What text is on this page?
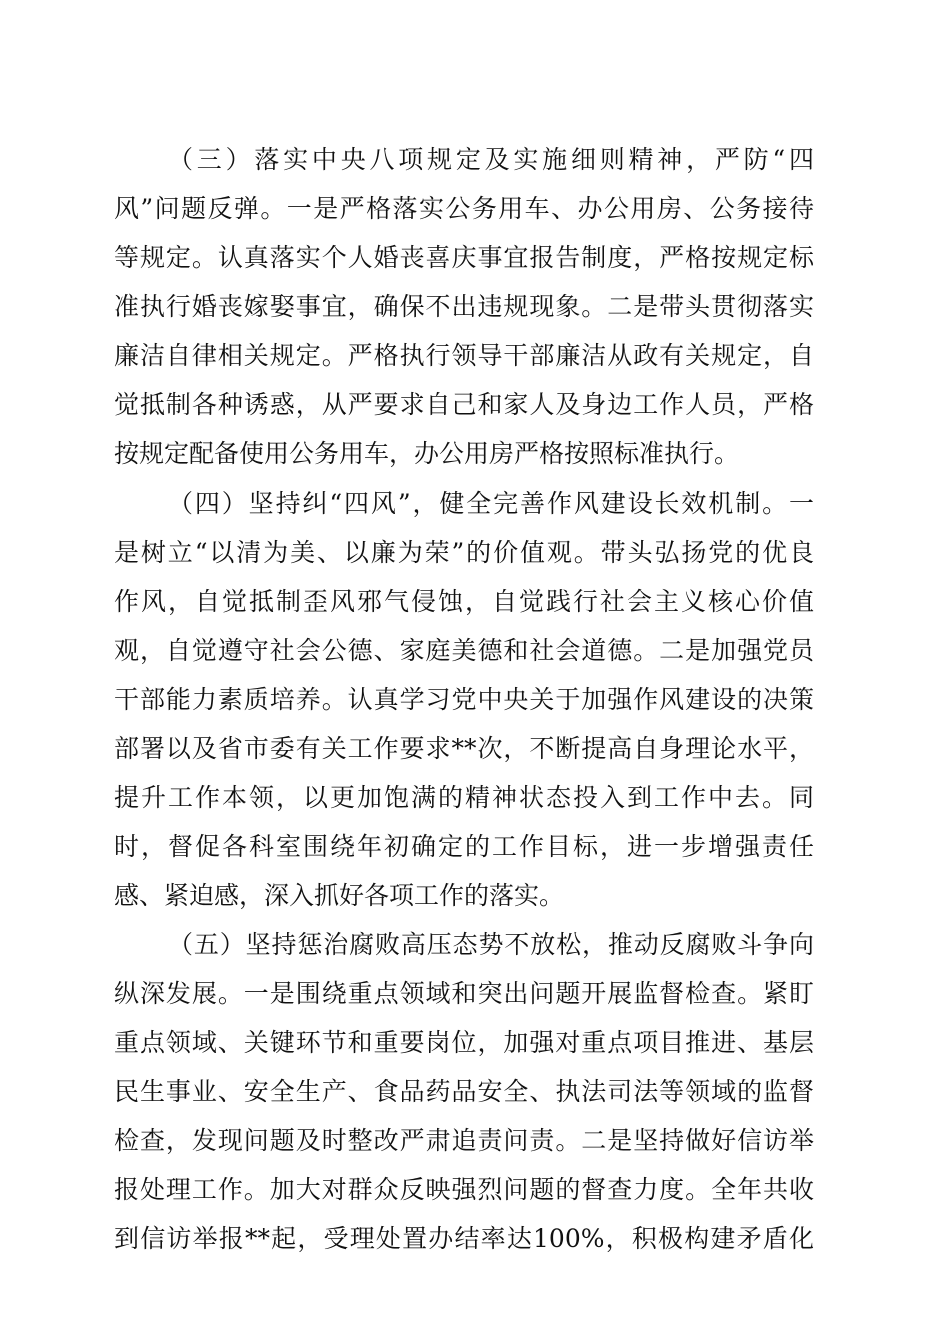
（三）落实中央八项规定及实施细则精神，严防“四
风”问题反弹。一是严格落实公务用车、办公用房、公务接待
等规定。认真落实个人婚丧喜庆事宜报告制度，严格按规定标
准执行婚丧嫁娶事宜，确保不出违规现象。二是带头贯彻落实
廉洁自律相关规定。严格执行领导干部廉洁从政有关规定，自
觉抵制各种诱惑，从严要求自己和家人及身边工作人员，严格
按规定配备使用公务用车，办公用房严格按照标准执行。
（四）坚持纠“四风”，健全完善作风建设长效机制。一
是树立“以清为美、以廉为荣”的价值观。带头弘扬党的优良
作风，自觉抵制歪风邪气侵蚀，自觉践行社会主义核心价值
观，自觉遵守社会公德、家庭美德和社会道德。二是加强党员
干部能力素质培养。认真学习党中央关于加强作风建设的决策
部署以及省市委有关工作要求**次，不断提高自身理论水平，
提升工作本领，以更加饱满的精神状态投入到工作中去。同
时，督促各科室围绕年初确定的工作目标，进一步增强责任
感、紧迫感，深入抓好各项工作的落实。
（五）坚持惩治腐败高压态势不放松，推动反腐败斗争向
纵深发展。一是围绕重点领域和突出问题开展监督检查。紧盯
重点领域、关键环节和重要岗位，加强对重点项目推进、基层
民生事业、安全生产、食品药品安全、执法司法等领域的监督
检查，发现问题及时整改严肃追责问责。二是坚持做好信访举
报处理工作。加大对群众反映强烈问题的督查力度。全年共收
到信访举报**起，受理处置办结率达100%，积极构建矛盾化
